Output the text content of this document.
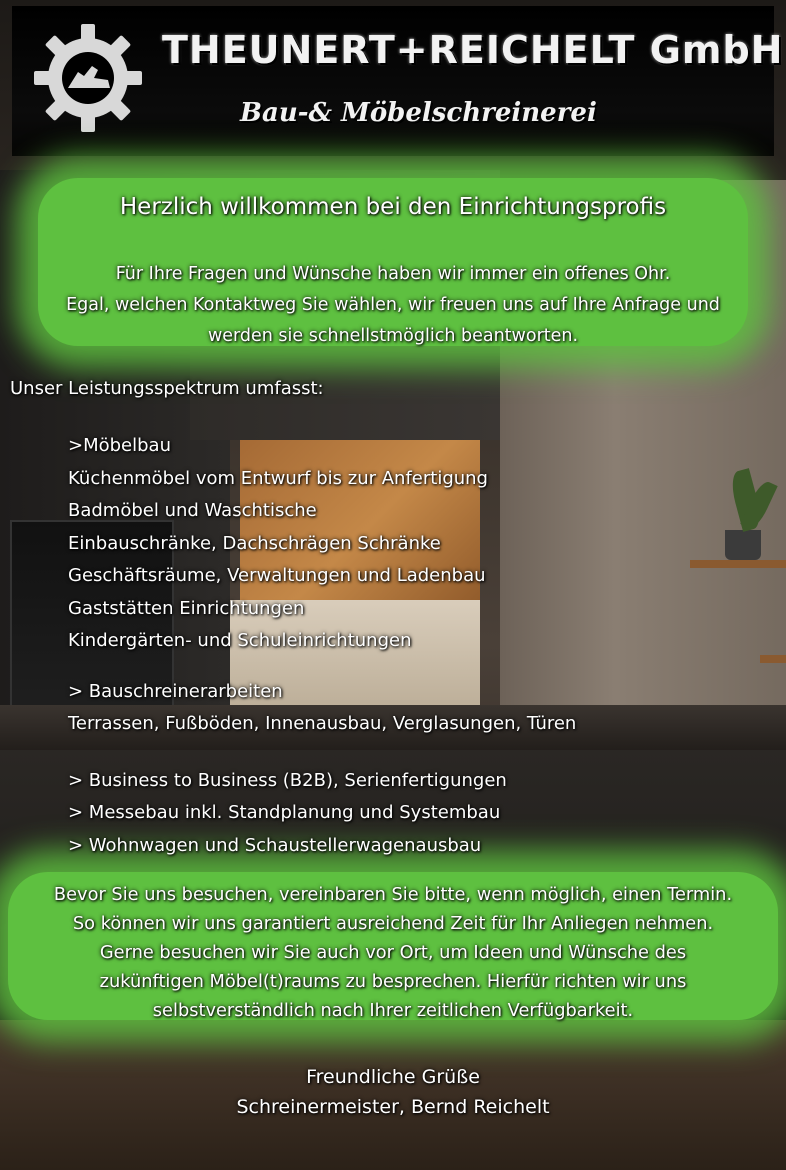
THEUNERT+REICHELT GmbH
Bau-& Möbelschreinerei
Herzlich willkommen bei den Einrichtungsprofis
Für Ihre Fragen und Wünsche haben wir immer ein offenes Ohr.
Egal, welchen Kontaktweg Sie wählen, wir freuen uns auf Ihre Anfrage und
werden sie schnellstmöglich beantworten.
Unser Leistungsspektrum umfasst:
>Möbelbau
Küchenmöbel vom Entwurf bis zur Anfertigung
Badmöbel und Waschtische
Einbauschränke, Dachschrägen Schränke
Geschäftsräume, Verwaltungen und Ladenbau
Gaststätten Einrichtungen
Kindergärten- und Schuleinrichtungen
> Bauschreinerarbeiten
Terrassen, Fußböden, Innenausbau, Verglasungen, Türen
> Business to Business (B2B), Serienfertigungen
> Messebau inkl. Standplanung und Systembau
> Wohnwagen und Schaustellerwagenausbau
Bevor Sie uns besuchen, vereinbaren Sie bitte, wenn möglich, einen Termin.
So können wir uns garantiert ausreichend Zeit für Ihr Anliegen nehmen.
Gerne besuchen wir Sie auch vor Ort, um Ideen und Wünsche des
zukünftigen Möbel(t)raums zu besprechen. Hierfür richten wir uns
selbstverständlich nach Ihrer zeitlichen Verfügbarkeit.
Freundliche Grüße
Schreinermeister, Bernd Reichelt
